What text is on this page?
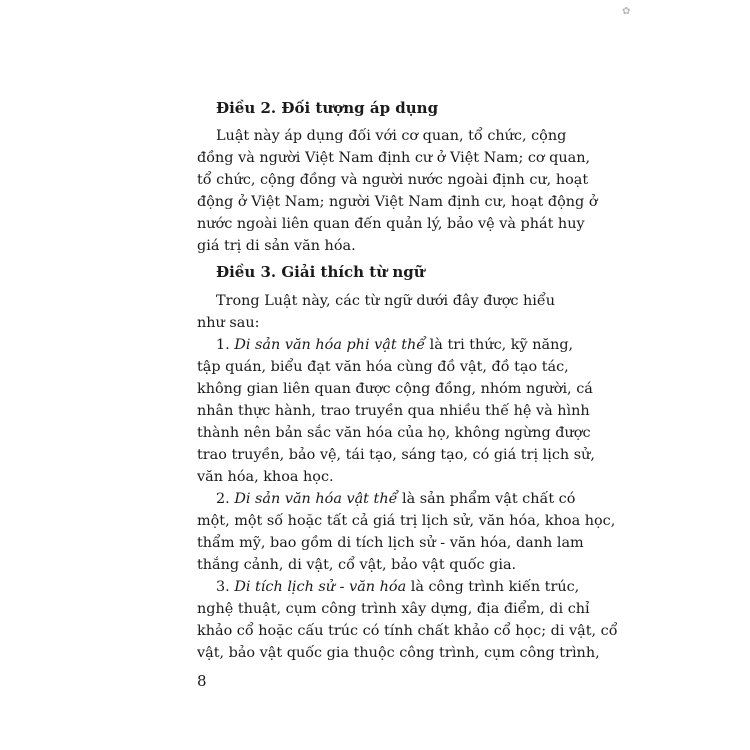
✿
Điều 2. Đối tượng áp dụng
Luật này áp dụng đối với cơ quan, tổ chức, cộng
đồng và người Việt Nam định cư ở Việt Nam; cơ quan,
tổ chức, cộng đồng và người nước ngoài định cư, hoạt
động ở Việt Nam; người Việt Nam định cư, hoạt động ở
nước ngoài liên quan đến quản lý, bảo vệ và phát huy
giá trị di sản văn hóa.
Điều 3. Giải thích từ ngữ
Trong Luật này, các từ ngữ dưới đây được hiểu
như sau:
1. Di sản văn hóa phi vật thể là tri thức, kỹ năng,
tập quán, biểu đạt văn hóa cùng đồ vật, đồ tạo tác,
không gian liên quan được cộng đồng, nhóm người, cá
nhân thực hành, trao truyền qua nhiều thế hệ và hình
thành nên bản sắc văn hóa của họ, không ngừng được
trao truyền, bảo vệ, tái tạo, sáng tạo, có giá trị lịch sử,
văn hóa, khoa học.
2. Di sản văn hóa vật thể là sản phẩm vật chất có
một, một số hoặc tất cả giá trị lịch sử, văn hóa, khoa học,
thẩm mỹ, bao gồm di tích lịch sử - văn hóa, danh lam
thắng cảnh, di vật, cổ vật, bảo vật quốc gia.
3. Di tích lịch sử - văn hóa là công trình kiến trúc,
nghệ thuật, cụm công trình xây dựng, địa điểm, di chỉ
khảo cổ hoặc cấu trúc có tính chất khảo cổ học; di vật, cổ
vật, bảo vật quốc gia thuộc công trình, cụm công trình,
8
